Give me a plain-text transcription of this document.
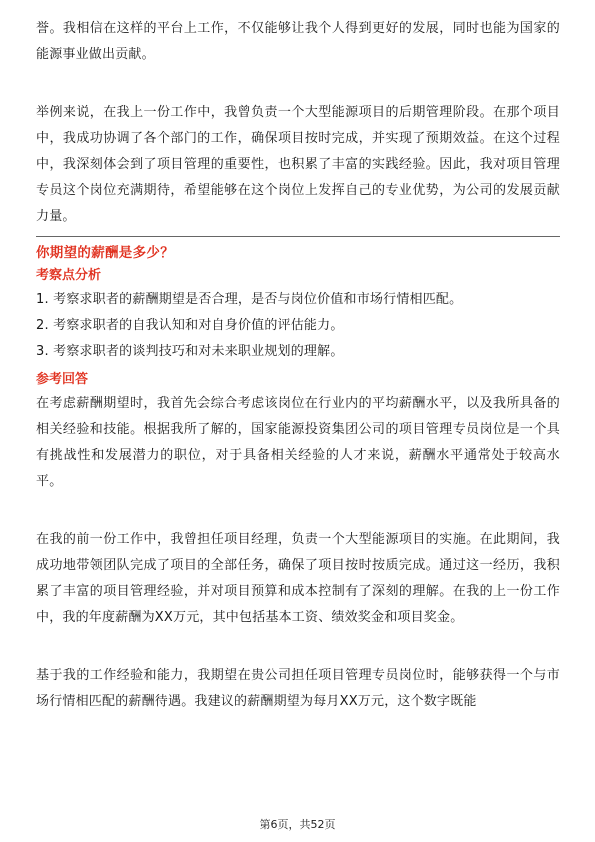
誉。我相信在这样的平台上工作，不仅能够让我个人得到更好的发展，同时也能为国家的能源事业做出贡献。

举例来说，在我上一份工作中，我曾负责一个大型能源项目的后期管理阶段。在那个项目中，我成功协调了各个部门的工作，确保项目按时完成，并实现了预期效益。在这个过程中，我深刻体会到了项目管理的重要性，也积累了丰富的实践经验。因此，我对项目管理专员这个岗位充满期待，希望能够在这个岗位上发挥自己的专业优势，为公司的发展贡献力量。

你期望的薪酬是多少？

考察点分析

1. 考察求职者的薪酬期望是否合理，是否与岗位价值和市场行情相匹配。

2. 考察求职者的自我认知和对自身价值的评估能力。

3. 考察求职者的谈判技巧和对未来职业规划的理解。

参考回答

在考虑薪酬期望时，我首先会综合考虑该岗位在行业内的平均薪酬水平，以及我所具备的相关经验和技能。根据我所了解的，国家能源投资集团公司的项目管理专员岗位是一个具有挑战性和发展潜力的职位，对于具备相关经验的人才来说，薪酬水平通常处于较高水平。

在我的前一份工作中，我曾担任项目经理，负责一个大型能源项目的实施。在此期间，我成功地带领团队完成了项目的全部任务，确保了项目按时按质完成。通过这一经历，我积累了丰富的项目管理经验，并对项目预算和成本控制有了深刻的理解。在我的上一份工作中，我的年度薪酬为XX万元，其中包括基本工资、绩效奖金和项目奖金。

基于我的工作经验和能力，我期望在贵公司担任项目管理专员岗位时，能够获得一个与市场行情相匹配的薪酬待遇。我建议的薪酬期望为每月XX万元，这个数字既能

第6页，共52页
